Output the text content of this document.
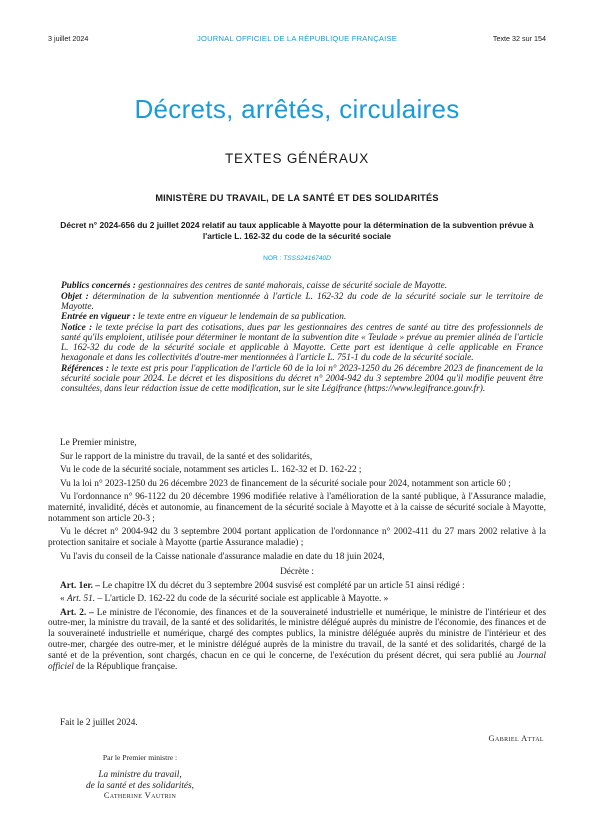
3 juillet 2024	JOURNAL OFFICIEL DE LA RÉPUBLIQUE FRANÇAISE	Texte 32 sur 154
Décrets, arrêtés, circulaires
TEXTES GÉNÉRAUX
MINISTÈRE DU TRAVAIL, DE LA SANTÉ ET DES SOLIDARITÉS
Décret n° 2024-656 du 2 juillet 2024 relatif au taux applicable à Mayotte pour la détermination de la subvention prévue à l'article L. 162-32 du code de la sécurité sociale
NOR : TSSS2416740D

Publics concernés : gestionnaires des centres de santé mahorais, caisse de sécurité sociale de Mayotte.

Objet : détermination de la subvention mentionnée à l'article L. 162-32 du code de la sécurité sociale sur le territoire de Mayotte.

Entrée en vigueur : le texte entre en vigueur le lendemain de sa publication.

Notice : le texte précise la part des cotisations, dues par les gestionnaires des centres de santé au titre des professionnels de santé qu'ils emploient, utilisée pour déterminer le montant de la subvention dite « Teulade » prévue au premier alinéa de l'article L. 162-32 du code de la sécurité sociale et applicable à Mayotte. Cette part est identique à celle applicable en France hexagonale et dans les collectivités d'outre-mer mentionnées à l'article L. 751-1 du code de la sécurité sociale.

Références : le texte est pris pour l'application de l'article 60 de la loi n° 2023-1250 du 26 décembre 2023 de financement de la sécurité sociale pour 2024. Le décret et les dispositions du décret n° 2004-942 du 3 septembre 2004 qu'il modifie peuvent être consultées, dans leur rédaction issue de cette modification, sur le site Légifrance (https://www.legifrance.gouv.fr).

Le Premier ministre,

Sur le rapport de la ministre du travail, de la santé et des solidarités,

Vu le code de la sécurité sociale, notamment ses articles L. 162-32 et D. 162-22 ;

Vu la loi n° 2023-1250 du 26 décembre 2023 de financement de la sécurité sociale pour 2024, notamment son article 60 ;

Vu l'ordonnance n° 96-1122 du 20 décembre 1996 modifiée relative à l'amélioration de la santé publique, à l'Assurance maladie, maternité, invalidité, décès et autonomie, au financement de la sécurité sociale à Mayotte et à la caisse de sécurité sociale à Mayotte, notamment son article 20-3 ;

Vu le décret n° 2004-942 du 3 septembre 2004 portant application de l'ordonnance n° 2002-411 du 27 mars 2002 relative à la protection sanitaire et sociale à Mayotte (partie Assurance maladie) ;

Vu l'avis du conseil de la Caisse nationale d'assurance maladie en date du 18 juin 2024,

Décrète :

Art. 1er. – Le chapitre IX du décret du 3 septembre 2004 susvisé est complété par un article 51 ainsi rédigé :

« Art. 51. – L'article D. 162-22 du code de la sécurité sociale est applicable à Mayotte. »

Art. 2. – Le ministre de l'économie, des finances et de la souveraineté industrielle et numérique, le ministre de l'intérieur et des outre-mer, la ministre du travail, de la santé et des solidarités, le ministre délégué auprès du ministre de l'économie, des finances et de la souveraineté industrielle et numérique, chargé des comptes publics, la ministre déléguée auprès du ministre de l'intérieur et des outre-mer, chargée des outre-mer, et le ministre délégué auprès de la ministre du travail, de la santé et des solidarités, chargé de la santé et de la prévention, sont chargés, chacun en ce qui le concerne, de l'exécution du présent décret, qui sera publié au Journal officiel de la République française.

Fait le 2 juillet 2024.
Gabriel Attal
Par le Premier ministre :
La ministre du travail,
de la santé et des solidarités,
Catherine Vautrin
